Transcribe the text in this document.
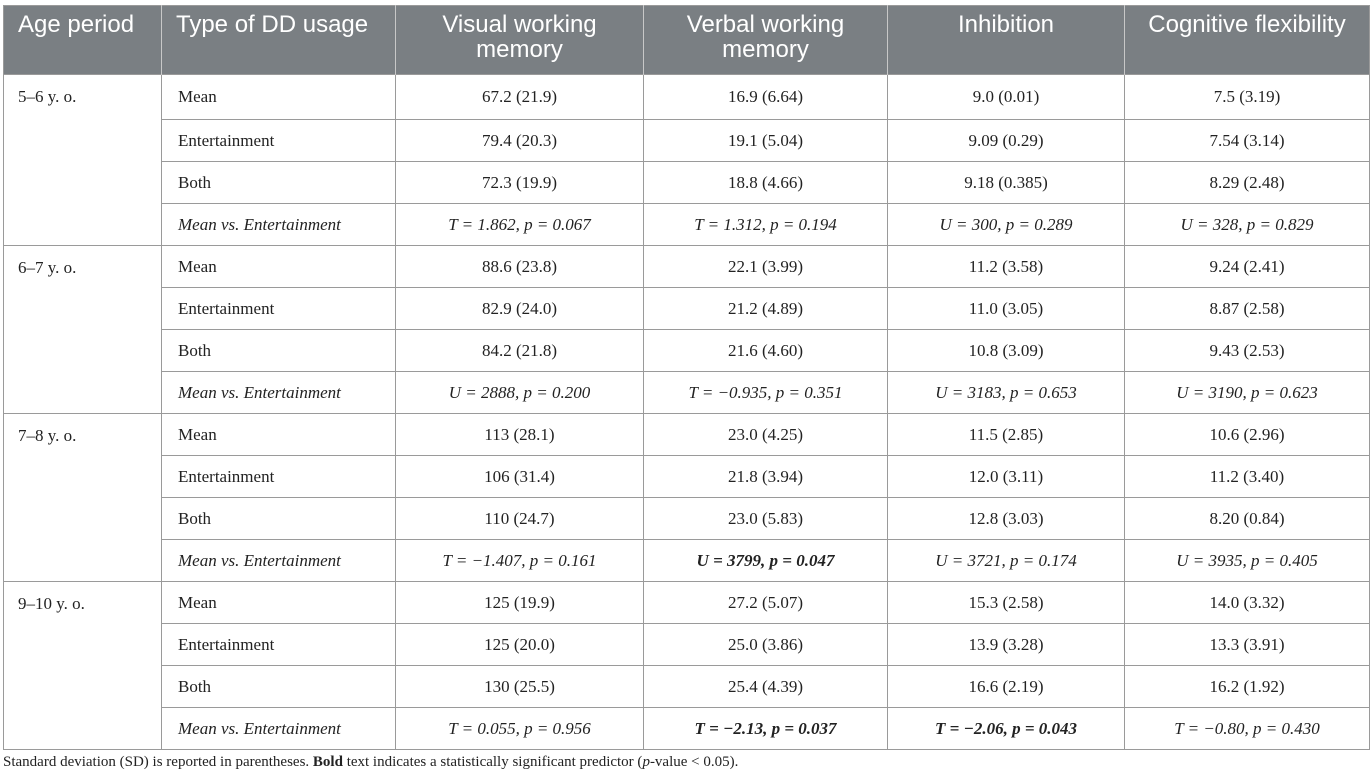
Age period	Type of DD usage	Visual working memory	Verbal working memory	Inhibition	Cognitive flexibility
5–6 y. o.	Mean	67.2 (21.9)	16.9 (6.64)	9.0 (0.01)	7.5 (3.19)
	Entertainment	79.4 (20.3)	19.1 (5.04)	9.09 (0.29)	7.54 (3.14)
	Both	72.3 (19.9)	18.8 (4.66)	9.18 (0.385)	8.29 (2.48)
	Mean vs. Entertainment	T = 1.862, p = 0.067	T = 1.312, p = 0.194	U = 300, p = 0.289	U = 328, p = 0.829
6–7 y. o.	Mean	88.6 (23.8)	22.1 (3.99)	11.2 (3.58)	9.24 (2.41)
	Entertainment	82.9 (24.0)	21.2 (4.89)	11.0 (3.05)	8.87 (2.58)
	Both	84.2 (21.8)	21.6 (4.60)	10.8 (3.09)	9.43 (2.53)
	Mean vs. Entertainment	U = 2888, p = 0.200	T = −0.935, p = 0.351	U = 3183, p = 0.653	U = 3190, p = 0.623
7–8 y. o.	Mean	113 (28.1)	23.0 (4.25)	11.5 (2.85)	10.6 (2.96)
	Entertainment	106 (31.4)	21.8 (3.94)	12.0 (3.11)	11.2 (3.40)
	Both	110 (24.7)	23.0 (5.83)	12.8 (3.03)	8.20 (0.84)
	Mean vs. Entertainment	T = −1.407, p = 0.161	U = 3799, p = 0.047	U = 3721, p = 0.174	U = 3935, p = 0.405
9–10 y. o.	Mean	125 (19.9)	27.2 (5.07)	15.3 (2.58)	14.0 (3.32)
	Entertainment	125 (20.0)	25.0 (3.86)	13.9 (3.28)	13.3 (3.91)
	Both	130 (25.5)	25.4 (4.39)	16.6 (2.19)	16.2 (1.92)
	Mean vs. Entertainment	T = 0.055, p = 0.956	T = −2.13, p = 0.037	T = −2.06, p = 0.043	T = −0.80, p = 0.430
Standard deviation (SD) is reported in parentheses. Bold text indicates a statistically significant predictor (p-value < 0.05).
